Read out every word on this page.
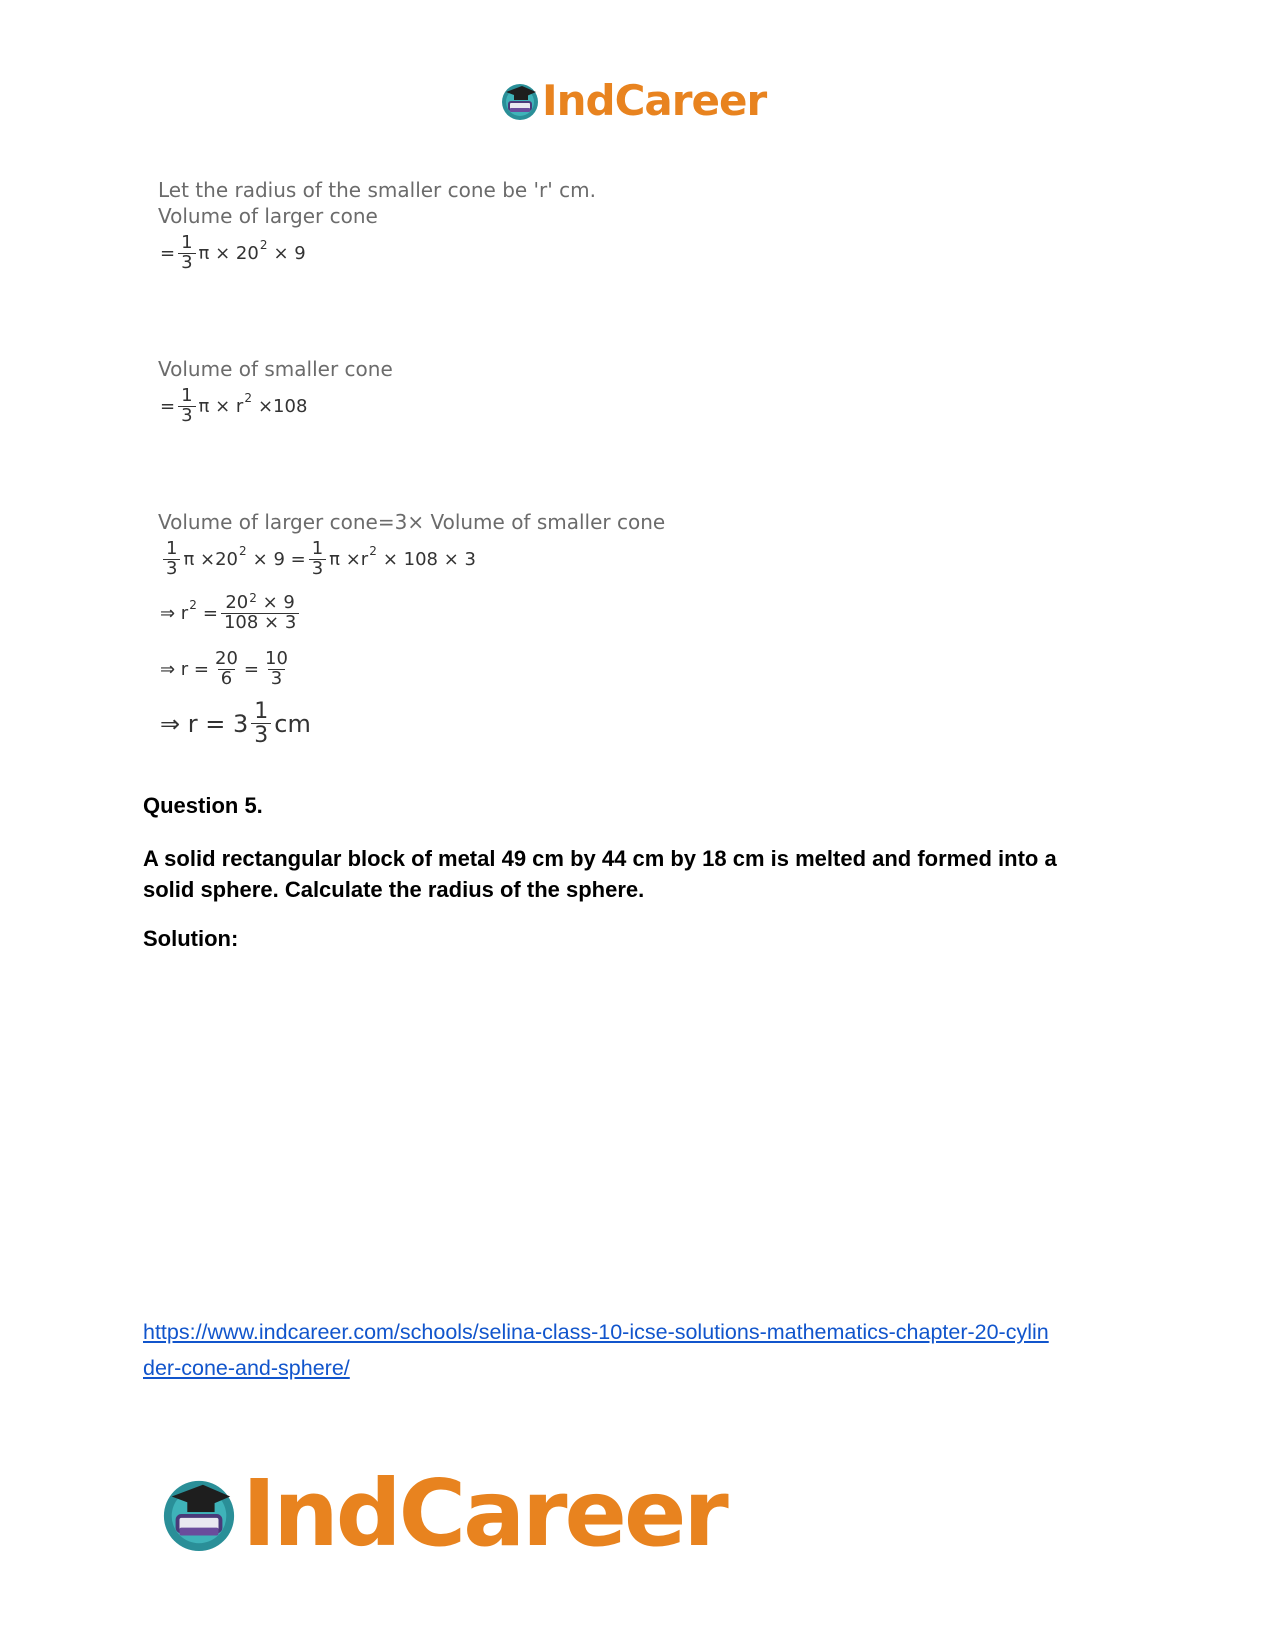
IndCareer
Let the radius of the smaller cone be 'r' cm.
Volume of larger cone
= $\frac{1}{3}$ π × 20 2 × 9
Volume of smaller cone
= $\frac{1}{3}$ π × r 2 ×108
Volume of larger cone=3× Volume of smaller cone
$\frac{1}{3}$ π ×20 $2 \times 9 = \frac{1}{3}$ π ×r 2 × 108 × 3
⇒ r $2 = \frac{20^2 \times 9}{108 \times 3}$
⇒ $r = \frac{20}{6} = \frac{10}{3}$
⇒ $r = 3 \frac{1}{3}$ cm
Question 5.
A solid rectangular block of metal 49 cm by 44 cm by 18 cm is melted and formed into a solid sphere. Calculate the radius of the sphere.
Solution:
https://www.indcareer.com/schools/selina-class-10-icse-solutions-mathematics-chapter-20-cylin
der-cone-and-sphere/
IndCareer
